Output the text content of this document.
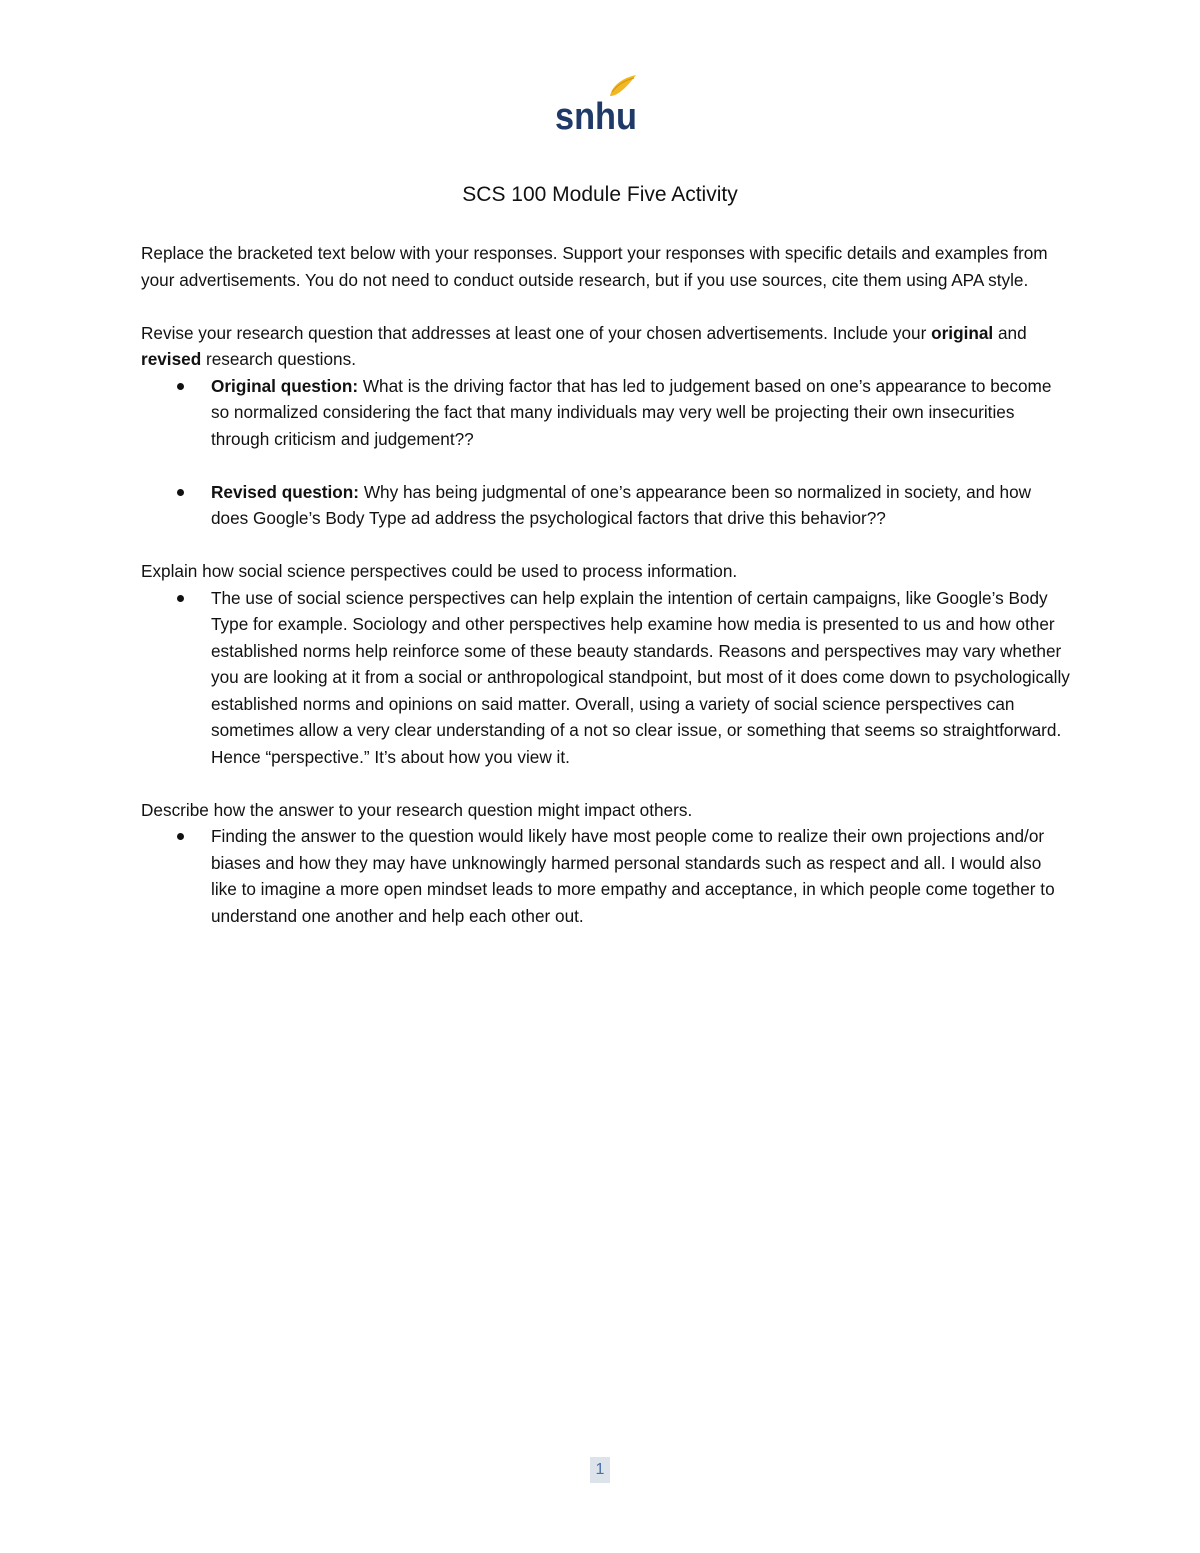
snhu
SCS 100 Module Five Activity

Replace the bracketed text below with your responses. Support your responses with specific details and examples from your advertisements. You do not need to conduct outside research, but if you use sources, cite them using APA style.

Revise your research question that addresses at least one of your chosen advertisements. Include your original and revised research questions.

Original question: What is the driving factor that has led to judgement based on one’s appearance to become so normalized considering the fact that many individuals may very well be projecting their own insecurities through criticism and judgement??
Revised question: Why has being judgmental of one’s appearance been so normalized in society, and how does Google’s Body Type ad address the psychological factors that drive this behavior??

Explain how social science perspectives could be used to process information.

The use of social science perspectives can help explain the intention of certain campaigns, like Google’s Body Type for example. Sociology and other perspectives help examine how media is presented to us and how other established norms help reinforce some of these beauty standards. Reasons and perspectives may vary whether you are looking at it from a social or anthropological standpoint, but most of it does come down to psychologically established norms and opinions on said matter. Overall, using a variety of social science perspectives can sometimes allow a very clear understanding of a not so clear issue, or something that seems so straightforward. Hence “perspective.” It’s about how you view it.

Describe how the answer to your research question might impact others.

Finding the answer to the question would likely have most people come to realize their own projections and/or biases and how they may have unknowingly harmed personal standards such as respect and all. I would also like to imagine a more open mindset leads to more empathy and acceptance, in which people come together to understand one another and help each other out.
1
